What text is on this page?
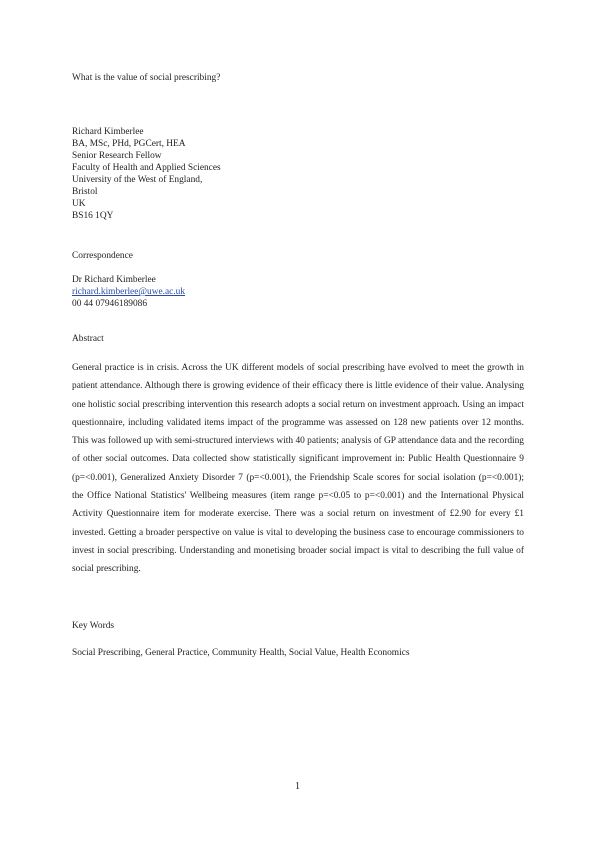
What is the value of social prescribing?
Richard Kimberlee
BA, MSc, PHd, PGCert, HEA
Senior Research Fellow
Faculty of Health and Applied Sciences
University of the West of England,
Bristol
UK
BS16 1QY
Correspondence
Dr Richard Kimberlee
richard.kimberlee@uwe.ac.uk
00 44 07946189086
Abstract
General practice is in crisis. Across the UK different models of social prescribing have evolved to meet the growth in patient attendance. Although there is growing evidence of their efficacy there is little evidence of their value. Analysing one holistic social prescribing intervention this research adopts a social return on investment approach. Using an impact questionnaire, including validated items impact of the programme was assessed on 128 new patients over 12 months. This was followed up with semi-structured interviews with 40 patients; analysis of GP attendance data and the recording of other social outcomes. Data collected show statistically significant improvement in: Public Health Questionnaire 9 (p=<0.001), Generalized Anxiety Disorder 7 (p=<0.001), the Friendship Scale scores for social isolation (p=<0.001); the Office National Statistics' Wellbeing measures (item range p=<0.05 to p=<0.001) and the International Physical Activity Questionnaire item for moderate exercise. There was a social return on investment of £2.90 for every £1 invested. Getting a broader perspective on value is vital to developing the business case to encourage commissioners to invest in social prescribing. Understanding and monetising broader social impact is vital to describing the full value of social prescribing.
Key Words
Social Prescribing, General Practice, Community Health, Social Value, Health Economics
1
